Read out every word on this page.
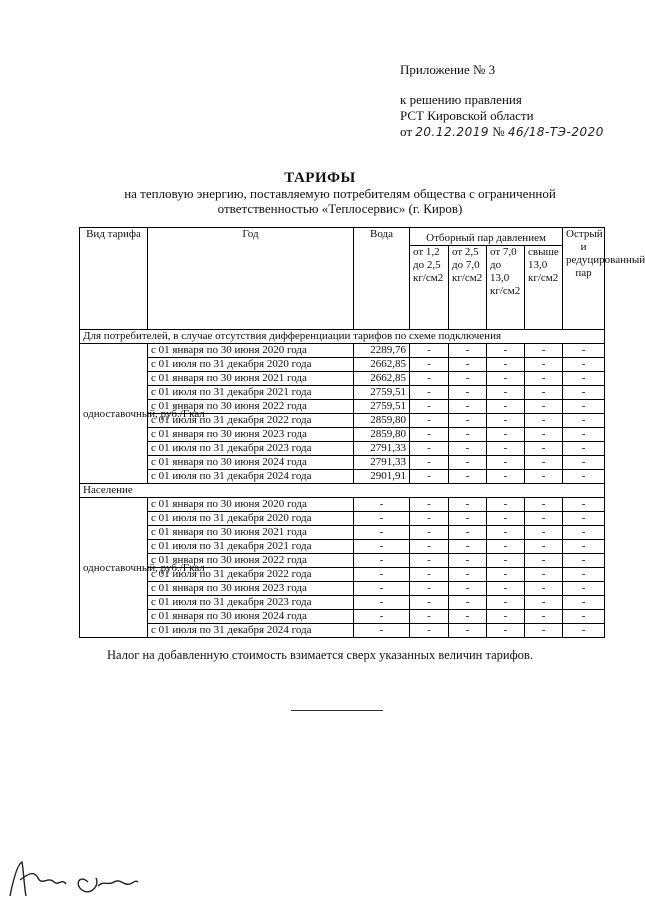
Приложение № 3
к решению правления
РСТ Кировской области
от 20.12.2019 № 46/18-ТЭ-2020
ТАРИФЫ
на тепловую энергию, поставляемую потребителям общества с ограниченной ответственностью «Теплосервис» (г. Киров)
Вид тарифа	Год	Вода	Отборный пар давлением				Острый и редуцированный пар
			от 1,2 до 2,5 кг/см2	от 2,5 до 7,0 кг/см2	от 7,0 до 13,0 кг/см2	свыше 13,0 кг/см2	
Для потребителей, в случае отсутствия дифференциации тарифов по схеме подключения							
одноставочный, руб./Гкал	с 01 января по 30 июня 2020 года	2289,76	-	-	-	-	-
	с 01 июля по 31 декабря 2020 года	2662,85	-	-	-	-	-
	с 01 января по 30 июня 2021 года	2662,85	-	-	-	-	-
	с 01 июля по 31 декабря 2021 года	2759,51	-	-	-	-	-
	с 01 января по 30 июня 2022 года	2759,51	-	-	-	-	-
	с 01 июля по 31 декабря 2022 года	2859,80	-	-	-	-	-
	с 01 января по 30 июня 2023 года	2859,80	-	-	-	-	-
	с 01 июля по 31 декабря 2023 года	2791,33	-	-	-	-	-
	с 01 января по 30 июня 2024 года	2791,33	-	-	-	-	-
	с 01 июля по 31 декабря 2024 года	2901,91	-	-	-	-	-
Население							
одноставочный, руб./Гкал	с 01 января по 30 июня 2020 года	-	-	-	-	-	-
	с 01 июля по 31 декабря 2020 года	-	-	-	-	-	-
	с 01 января по 30 июня 2021 года	-	-	-	-	-	-
	с 01 июля по 31 декабря 2021 года	-	-	-	-	-	-
	с 01 января по 30 июня 2022 года	-	-	-	-	-	-
	с 01 июля по 31 декабря 2022 года	-	-	-	-	-	-
	с 01 января по 30 июня 2023 года	-	-	-	-	-	-
	с 01 июля по 31 декабря 2023 года	-	-	-	-	-	-
	с 01 января по 30 июня 2024 года	-	-	-	-	-	-
	с 01 июля по 31 декабря 2024 года	-	-	-	-	-	-
Налог на добавленную стоимость взимается сверх указанных величин тарифов.
